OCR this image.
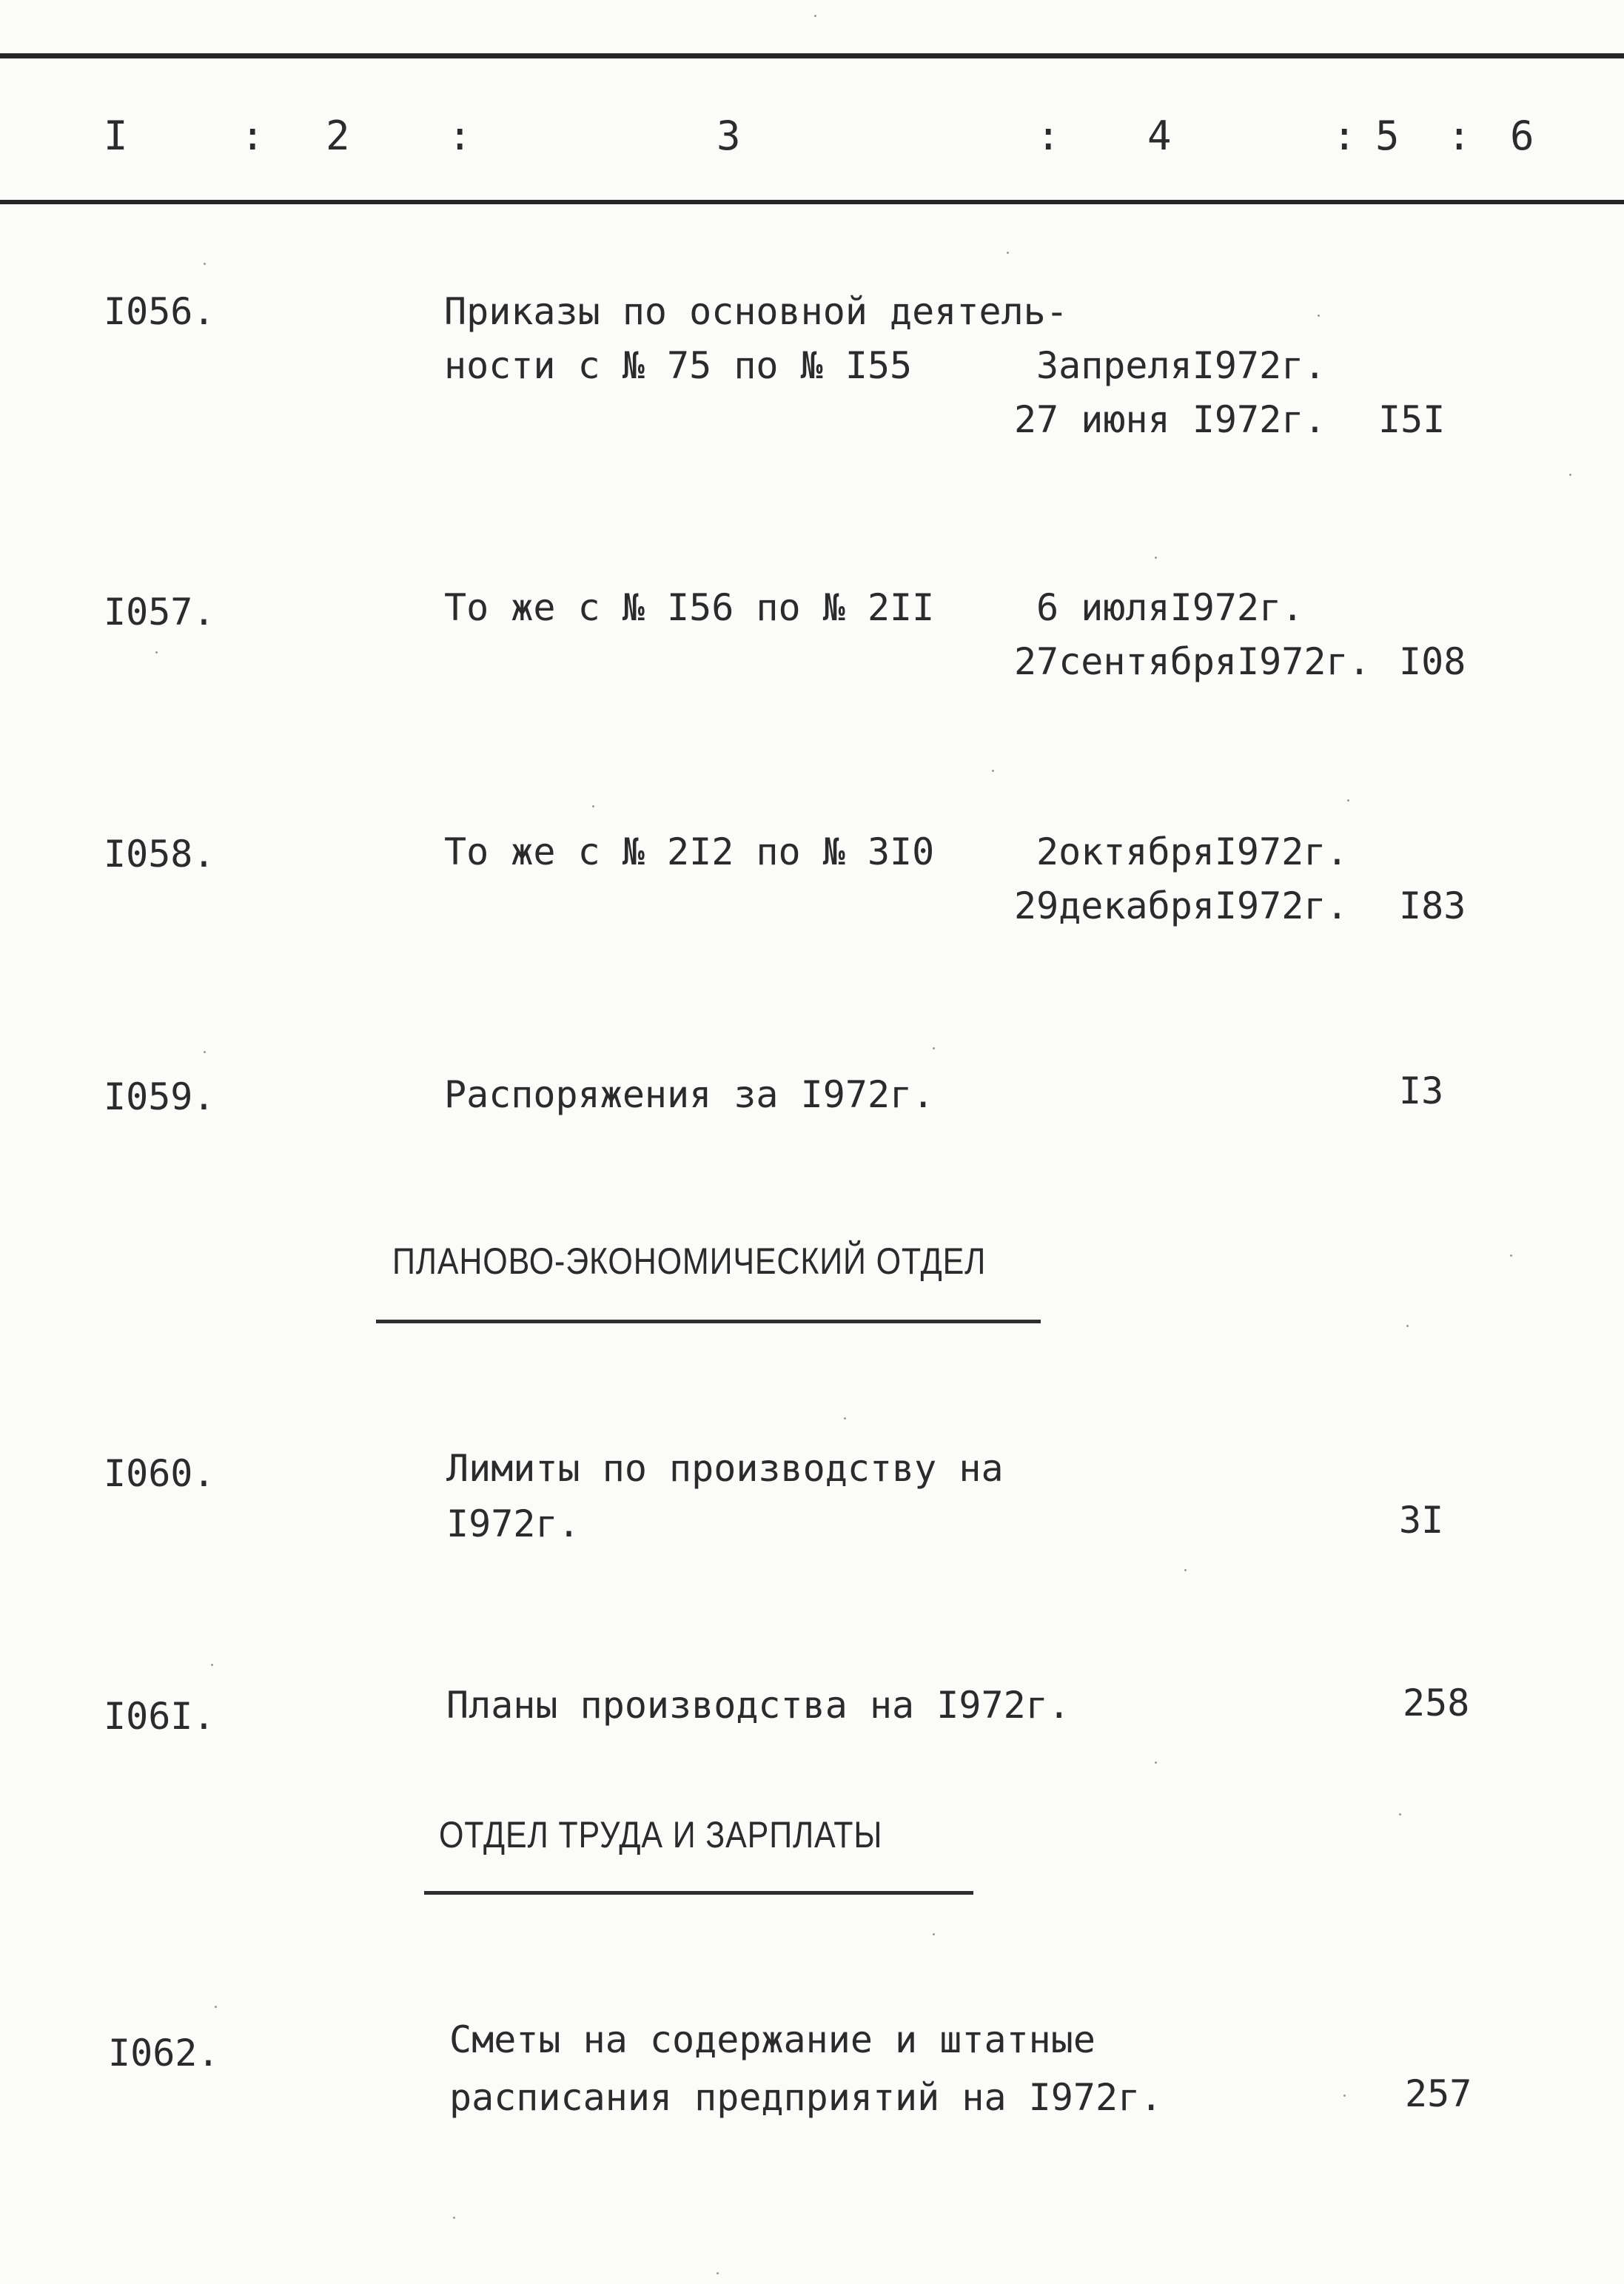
I	: 2 :	3	: 4	: 5 : 6
I056.	Приказы по основной деятель-
ности с № 75 по № I55	ЗапреляI972г.
27 июня I972г. I5I
I057.	То же с № I56 по № 2II	6 июляI972г.
27сентябряI972г. I08
I058.	То же с № 2I2 по № 3I0	2октябряI972г.
29декабряI972г. I83
I059.	Распоряжения за I972г.	I3
ПЛАНОВО-ЭКОНОМИЧЕСКИЙ ОТДЕЛ
I060.	Лимиты по производству на
I972г.	3I
I06I.	Планы производства на I972г.	258
ОТДЕЛ ТРУДА И ЗАРПЛАТЫ
I062.	Сметы на содержание и штатные
расписания предприятий на I972г.	257
